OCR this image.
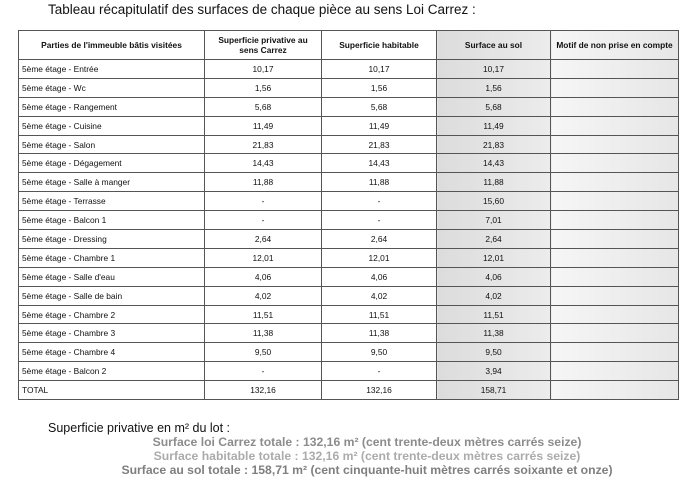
Tableau récapitulatif des surfaces de chaque pièce au sens Loi Carrez :
Parties de l'immeuble bâtis visitées	Superficie privative au sens Carrez	Superficie habitable	Surface au sol	Motif de non prise en compte
5ème étage - Entrée	10,17	10,17	10,17	
5ème étage - Wc	1,56	1,56	1,56	
5ème étage - Rangement	5,68	5,68	5,68	
5ème étage - Cuisine	11,49	11,49	11,49	
5ème étage - Salon	21,83	21,83	21,83	
5ème étage - Dégagement	14,43	14,43	14,43	
5ème étage - Salle à manger	11,88	11,88	11,88	
5ème étage - Terrasse	-	-	15,60	
5ème étage - Balcon 1	-	-	7,01	
5ème étage - Dressing	2,64	2,64	2,64	
5ème étage - Chambre 1	12,01	12,01	12,01	
5ème étage - Salle d'eau	4,06	4,06	4,06	
5ème étage - Salle de bain	4,02	4,02	4,02	
5ème étage - Chambre 2	11,51	11,51	11,51	
5ème étage - Chambre 3	11,38	11,38	11,38	
5ème étage - Chambre 4	9,50	9,50	9,50	
5ème étage - Balcon 2	-	-	3,94	
TOTAL	132,16	132,16	158,71	
Superficie privative en m² du lot :
Surface loi Carrez totale : 132,16 m² (cent trente-deux mètres carrés seize)
Surface habitable totale : 132,16 m² (cent trente-deux mètres carrés seize)
Surface au sol totale : 158,71 m² (cent cinquante-huit mètres carrés soixante et onze)
